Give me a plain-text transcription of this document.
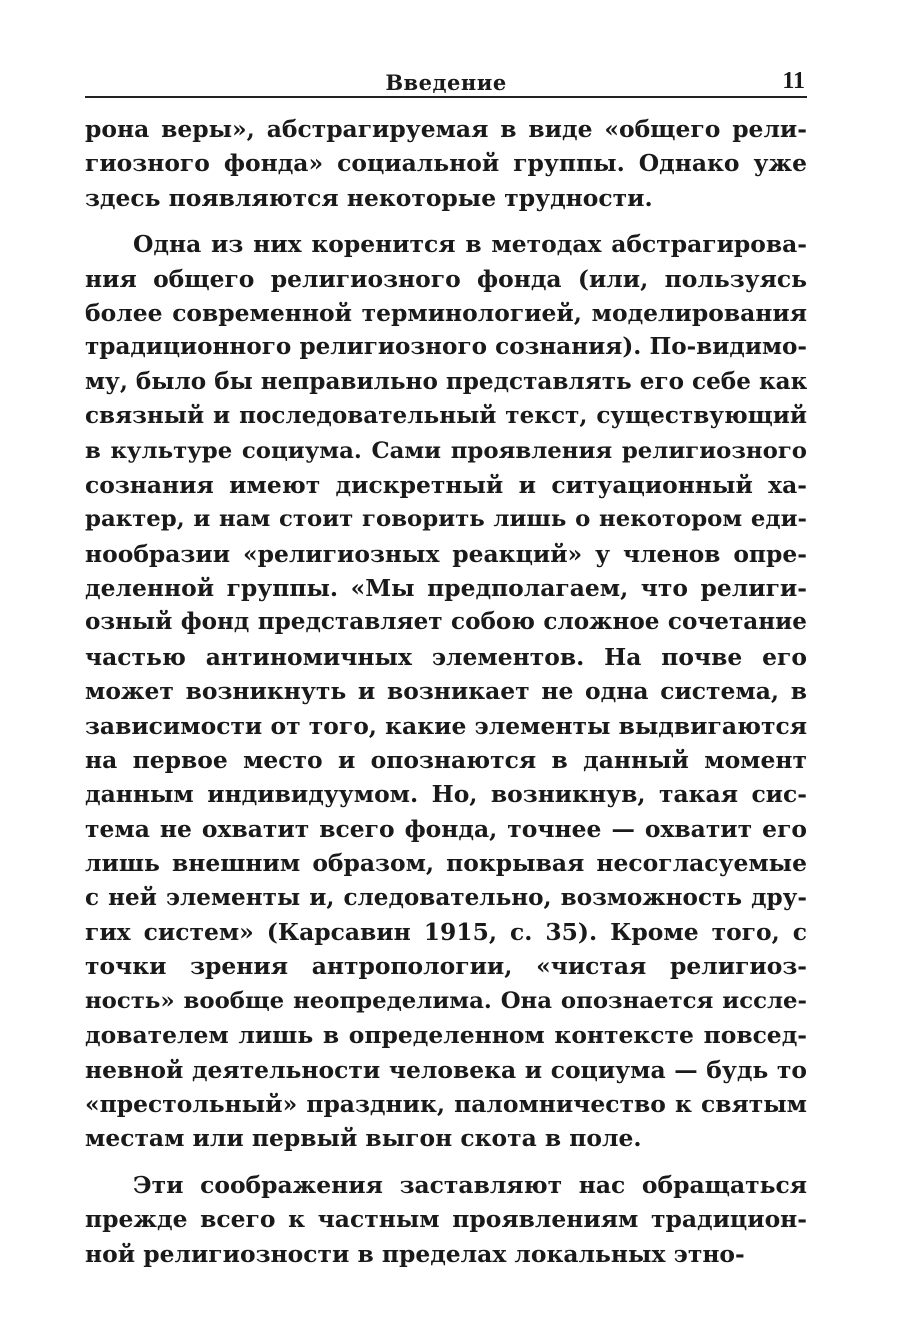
Введение	11
рона веры», абстрагируемая в виде «общего рели-
гиозного фонда» социальной группы. Однако уже
здесь появляются некоторые трудности.
Одна из них коренится в методах абстрагирова-
ния общего религиозного фонда (или, пользуясь
более современной терминологией, моделирования
традиционного религиозного сознания). По-видимо-
му, было бы неправильно представлять его себе как
связный и последовательный текст, существующий
в культуре социума. Сами проявления религиозного
сознания имеют дискретный и ситуационный ха-
рактер, и нам стоит говорить лишь о некотором еди-
нообразии «религиозных реакций» у членов опре-
деленной группы. «Мы предполагаем, что религи-
озный фонд представляет собою сложное сочетание
частью антиномичных элементов. На почве его
может возникнуть и возникает не одна система, в
зависимости от того, какие элементы выдвигаются
на первое место и опознаются в данный момент
данным индивидуумом. Но, возникнув, такая сис-
тема не охватит всего фонда, точнее — охватит его
лишь внешним образом, покрывая несогласуемые
с ней элементы и, следовательно, возможность дру-
гих систем» (Карсавин 1915, с. 35). Кроме того, с
точки зрения антропологии, «чистая религиоз-
ность» вообще неопределима. Она опознается иссле-
дователем лишь в определенном контексте повсед-
невной деятельности человека и социума — будь то
«престольный» праздник, паломничество к святым
местам или первый выгон скота в поле.
Эти соображения заставляют нас обращаться
прежде всего к частным проявлениям традицион-
ной религиозности в пределах локальных этно-
